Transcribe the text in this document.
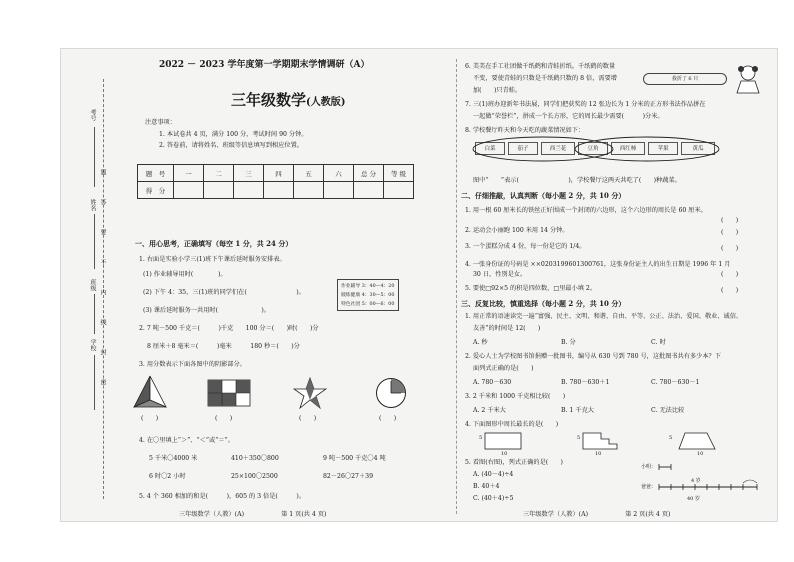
考号
姓名
班级
学校
题
答
要
不
内
线
封
密
2022 － 2023 学年度第一学期期末学情调研（A）
三年级数学(人教版)
注意事项：
1. 本试卷共 4 页，满分 100 分，考试时间 90 分钟。
2. 答卷前，请将姓名、班级等信息填写到相应位置。
题　号	一	二	三	四	五	六	总 分	等 级
得　分								
一、用心思考，正确填写（每空 1 分，共 24 分）
1. 右面是实验小学三(1)班下午课后延时服务安排表。
(1) 作业辅导用时(　　　　)。
(2) 下午 4：35，三(1)班的同学们在(　　　　　　　　)。
(3) 课后延时服务一共用时(　　　　　　　)。
作业辅导 3：40—4：20
锻炼健康 4：30—5：00
特色社团 5：00—6：00
2. 7 吨－500 千克＝(　　　)千克　　100 分＝(　　)时(　　)分
8 厘米＋8 毫米＝(　　　)毫米　　　180 秒＝(　　)分
3. 用分数表示下面各图中的阴影部分。
(　　)	(　　)	(　　)	(　　)
4. 在〇里填上“＞”、“＜”或“＝”。
5 千米〇4000 米	410＋350〇800	9 吨－500 千克〇4 吨
6 时〇2 小时	25×100〇2500	82－26〇27＋39
5. 4 个 360 相加的和是(　　　)，605 的 3 倍是(　　　)。
三年级数学（人教）(A)　　　　　　第 1 页(共 4 页)
6. 美美在手工社团做千纸鹤和青蛙折纸。千纸鹤的数量
不变，要使青蛙的只数是千纸鹤只数的 8 倍，需要增
加(　　)只青蛙。
我折了 6 只
7. 三(1)班办迎新年书法展，同学们把获奖的 12 张边长为 1 分米的正方形书法作品拼在
一起做“荣誉栏”，拼成一个长方形，它的周长最少需要(　　　)分米。
8. 学校餐厅昨天和今天吃的蔬菜情况如下：
白菜	茄子	西兰花	豆角	西红柿	苹果	黄瓜
图中“　　”表示(　　　　　　　　)，学校餐厅这两天共吃了(　　)种蔬菜。
二、仔细推敲，认真判断（每小题 2 分，共 10 分）
1. 用一根 60 厘米长的铁丝正好围成一个封闭的六边形，这个六边形的周长是 60 厘米。
(　　)
2. 运动会小丽跑 100 米用 14 分钟。	(　　)
3. 一个蛋糕分成 4 份，每一份是它的 1/4。	(　　)
4. 一张身份证的号码是 ××0203199601300761，这张身份证主人的出生日期是 1996 年 1 月
30 日，性别是女。	(　　)
5. 要使□92×5 的积是四位数，□里最小填 2。	(　　)
三、反复比较，慎重选择（每小题 2 分，共 10 分）
1. 用正常的语速读完一遍“富强、民主、文明、和谐、自由、平等、公正、法治、爱国、敬业、诚信、
友善”的时间是 12(　　)
A. 秒	B. 分	C. 时
2. 爱心人士为学校图书馆捐赠一批图书，编号从 630 号到 780 号，这批图书共有多少本？下
面列式正确的是(　　)
A. 780－630	B. 780－630＋1	C. 780－630－1
3. 2 千米和 1000 千克相比较(　　)
A. 2 千米大	B. 1 千克大	C. 无法比较
4. 下面图形中周长最长的是(　　)
5
10
5
10
5
10
5. 看图(右图)，列式正确的是(　　)
A. (40－4)÷4
B. 40＋4
C. (40＋4)÷5
小明：
4 岁
爸爸：
40 岁
三年级数学（人教）(A)　　　　　　第 2 页(共 4 页)
